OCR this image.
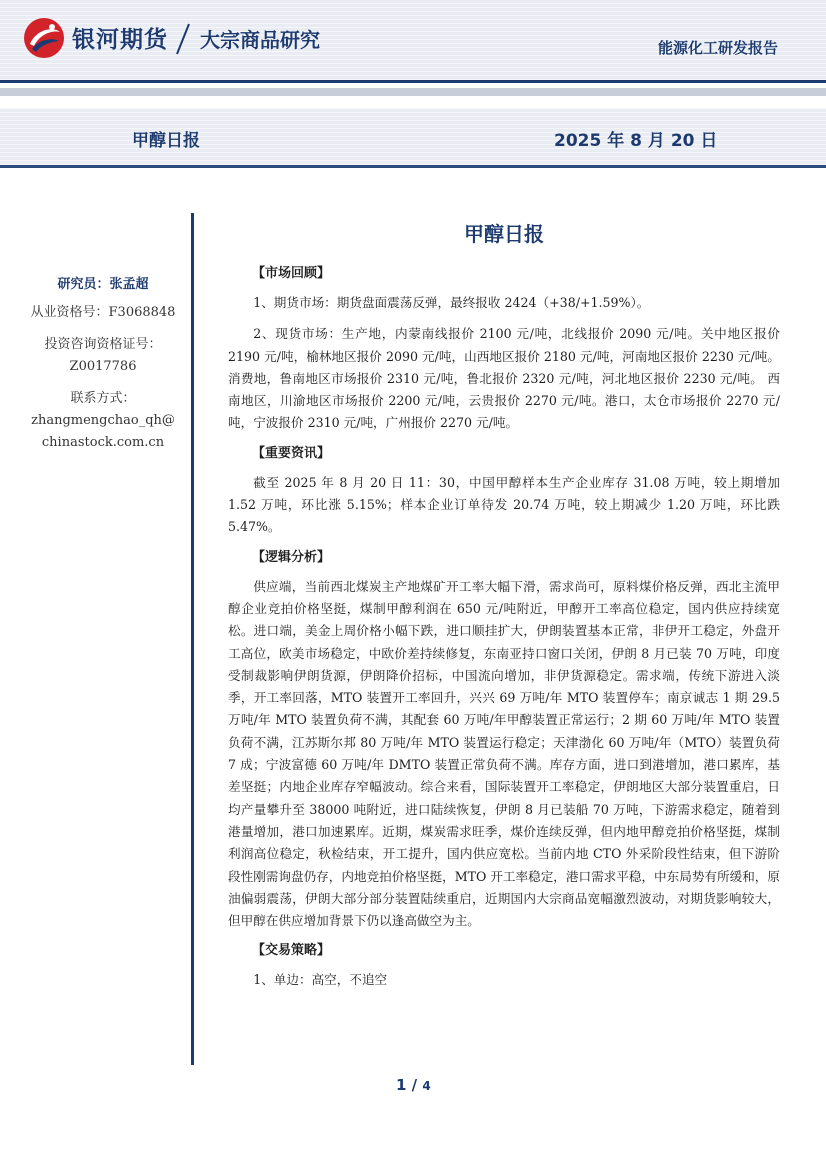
银河期货 大宗商品研究	能源化工研发报告
甲醇日报	2025 年 8 月 20 日
研究员：张孟超
从业资格号：F3068848
投资咨询资格证号：
Z0017786
联系方式：
zhangmengchao_qh@
chinastock.com.cn
甲醇日报
【市场回顾】

1、期货市场：期货盘面震荡反弹，最终报收 2424（+38/+1.59%）。

2、现货市场：生产地，内蒙南线报价 2100 元/吨，北线报价 2090 元/吨。关中地区报价 2190 元/吨，榆林地区报价 2090 元/吨，山西地区报价 2180 元/吨，河南地区报价 2230 元/吨。消费地，鲁南地区市场报价 2310 元/吨，鲁北报价 2320 元/吨，河北地区报价 2230 元/吨。 西南地区，川渝地区市场报价 2200 元/吨，云贵报价 2270 元/吨。港口，太仓市场报价 2270 元/吨，宁波报价 2310 元/吨，广州报价 2270 元/吨。

【重要资讯】

截至 2025 年 8 月 20 日 11：30，中国甲醇样本生产企业库存 31.08 万吨，较上期增加 1.52 万吨，环比涨 5.15%；样本企业订单待发 20.74 万吨，较上期减少 1.20 万吨，环比跌 5.47%。

【逻辑分析】

供应端，当前西北煤炭主产地煤矿开工率大幅下滑，需求尚可，原料煤价格反弹，西北主流甲醇企业竞拍价格坚挺，煤制甲醇利润在 650 元/吨附近，甲醇开工率高位稳定，国内供应持续宽松。进口端，美金上周价格小幅下跌，进口顺挂扩大，伊朗装置基本正常，非伊开工稳定，外盘开工高位，欧美市场稳定，中欧价差持续修复，东南亚持口窗口关闭，伊朗 8 月已装 70 万吨，印度受制裁影响伊朗货源，伊朗降价招标，中国流向增加，非伊货源稳定。需求端，传统下游进入淡季，开工率回落，MTO 装置开工率回升，兴兴 69 万吨/年 MTO 装置停车；南京诚志 1 期 29.5 万吨/年 MTO 装置负荷不满，其配套 60 万吨/年甲醇装置正常运行；2 期 60 万吨/年 MTO 装置负荷不满，江苏斯尔邦 80 万吨/年 MTO 装置运行稳定；天津渤化 60 万吨/年（MTO）装置负荷 7 成；宁波富德 60 万吨/年 DMTO 装置正常负荷不满。库存方面，进口到港增加，港口累库，基差坚挺；内地企业库存窄幅波动。综合来看，国际装置开工率稳定，伊朗地区大部分装置重启，日均产量攀升至 38000 吨附近，进口陆续恢复，伊朗 8 月已装船 70 万吨，下游需求稳定，随着到港量增加，港口加速累库。近期，煤炭需求旺季，煤价连续反弹，但内地甲醇竞拍价格坚挺，煤制利润高位稳定，秋检结束，开工提升，国内供应宽松。当前内地 CTO 外采阶段性结束，但下游阶段性刚需询盘仍存，内地竞拍价格坚挺，MTO 开工率稳定，港口需求平稳，中东局势有所缓和，原油偏弱震荡，伊朗大部分部分装置陆续重启，近期国内大宗商品宽幅激烈波动，对期货影响较大，但甲醇在供应增加背景下仍以逢高做空为主。

【交易策略】

1、单边：高空，不追空

1 / 4
